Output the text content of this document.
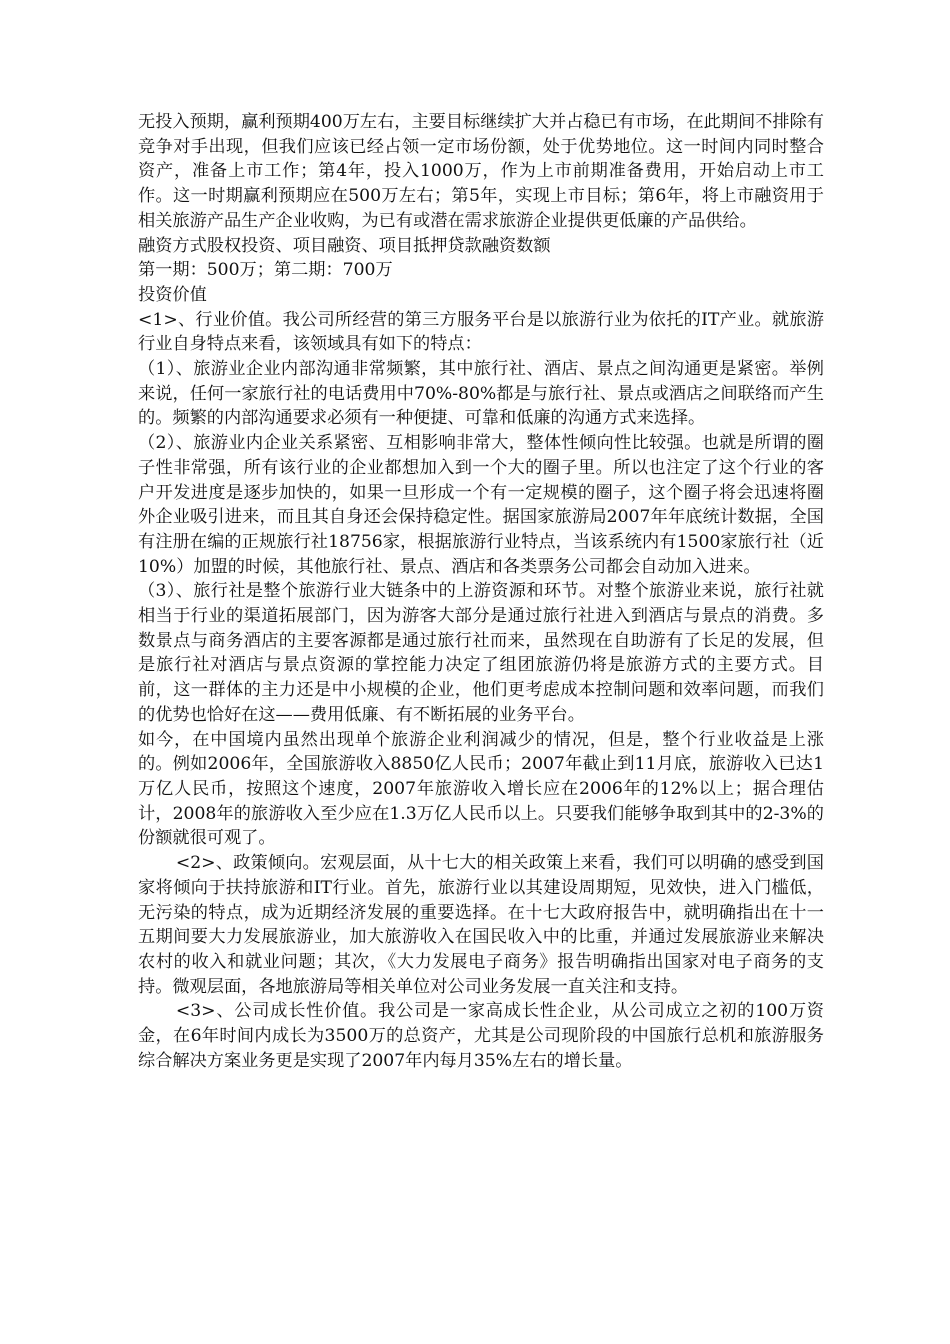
无投入预期，赢利预期400万左右，主要目标继续扩大并占稳已有市场，在此期间不排除有竞争对手出现，但我们应该已经占领一定市场份额，处于优势地位。这一时间内同时整合资产，准备上市工作；第4年，投入1000万，作为上市前期准备费用，开始启动上市工作。这一时期赢利预期应在500万左右；第5年，实现上市目标；第6年，将上市融资用于相关旅游产品生产企业收购，为已有或潜在需求旅游企业提供更低廉的产品供给。

融资方式股权投资、项目融资、项目抵押贷款融资数额

第一期：500万；第二期：700万

投资价值

<1>、行业价值。我公司所经营的第三方服务平台是以旅游行业为依托的IT产业。就旅游行业自身特点来看，该领域具有如下的特点：

（1）、旅游业企业内部沟通非常频繁，其中旅行社、酒店、景点之间沟通更是紧密。举例来说，任何一家旅行社的电话费用中70%-80%都是与旅行社、景点或酒店之间联络而产生的。频繁的内部沟通要求必须有一种便捷、可靠和低廉的沟通方式来选择。

（2）、旅游业内企业关系紧密、互相影响非常大，整体性倾向性比较强。也就是所谓的圈子性非常强，所有该行业的企业都想加入到一个大的圈子里。所以也注定了这个行业的客户开发进度是逐步加快的，如果一旦形成一个有一定规模的圈子，这个圈子将会迅速将圈外企业吸引进来，而且其自身还会保持稳定性。据国家旅游局2007年年底统计数据，全国有注册在编的正规旅行社18756家，根据旅游行业特点，当该系统内有1500家旅行社（近10%）加盟的时候，其他旅行社、景点、酒店和各类票务公司都会自动加入进来。

（3）、旅行社是整个旅游行业大链条中的上游资源和环节。对整个旅游业来说，旅行社就相当于行业的渠道拓展部门，因为游客大部分是通过旅行社进入到酒店与景点的消费。多数景点与商务酒店的主要客源都是通过旅行社而来，虽然现在自助游有了长足的发展，但是旅行社对酒店与景点资源的掌控能力决定了组团旅游仍将是旅游方式的主要方式。目前，这一群体的主力还是中小规模的企业，他们更考虑成本控制问题和效率问题，而我们的优势也恰好在这——费用低廉、有不断拓展的业务平台。

如今，在中国境内虽然出现单个旅游企业利润减少的情况，但是，整个行业收益是上涨的。例如2006年，全国旅游收入8850亿人民币；2007年截止到11月底，旅游收入已达1万亿人民币，按照这个速度，2007年旅游收入增长应在2006年的12%以上；据合理估计，2008年的旅游收入至少应在1.3万亿人民币以上。只要我们能够争取到其中的2-3%的份额就很可观了。

<2>、政策倾向。宏观层面，从十七大的相关政策上来看，我们可以明确的感受到国家将倾向于扶持旅游和IT行业。首先，旅游行业以其建设周期短，见效快，进入门槛低，无污染的特点，成为近期经济发展的重要选择。在十七大政府报告中，就明确指出在十一五期间要大力发展旅游业，加大旅游收入在国民收入中的比重，并通过发展旅游业来解决农村的收入和就业问题；其次，《大力发展电子商务》报告明确指出国家对电子商务的支持。微观层面，各地旅游局等相关单位对公司业务发展一直关注和支持。

<3>、公司成长性价值。我公司是一家高成长性企业，从公司成立之初的100万资金，在6年时间内成长为3500万的总资产，尤其是公司现阶段的中国旅行总机和旅游服务综合解决方案业务更是实现了2007年内每月35%左右的增长量。
